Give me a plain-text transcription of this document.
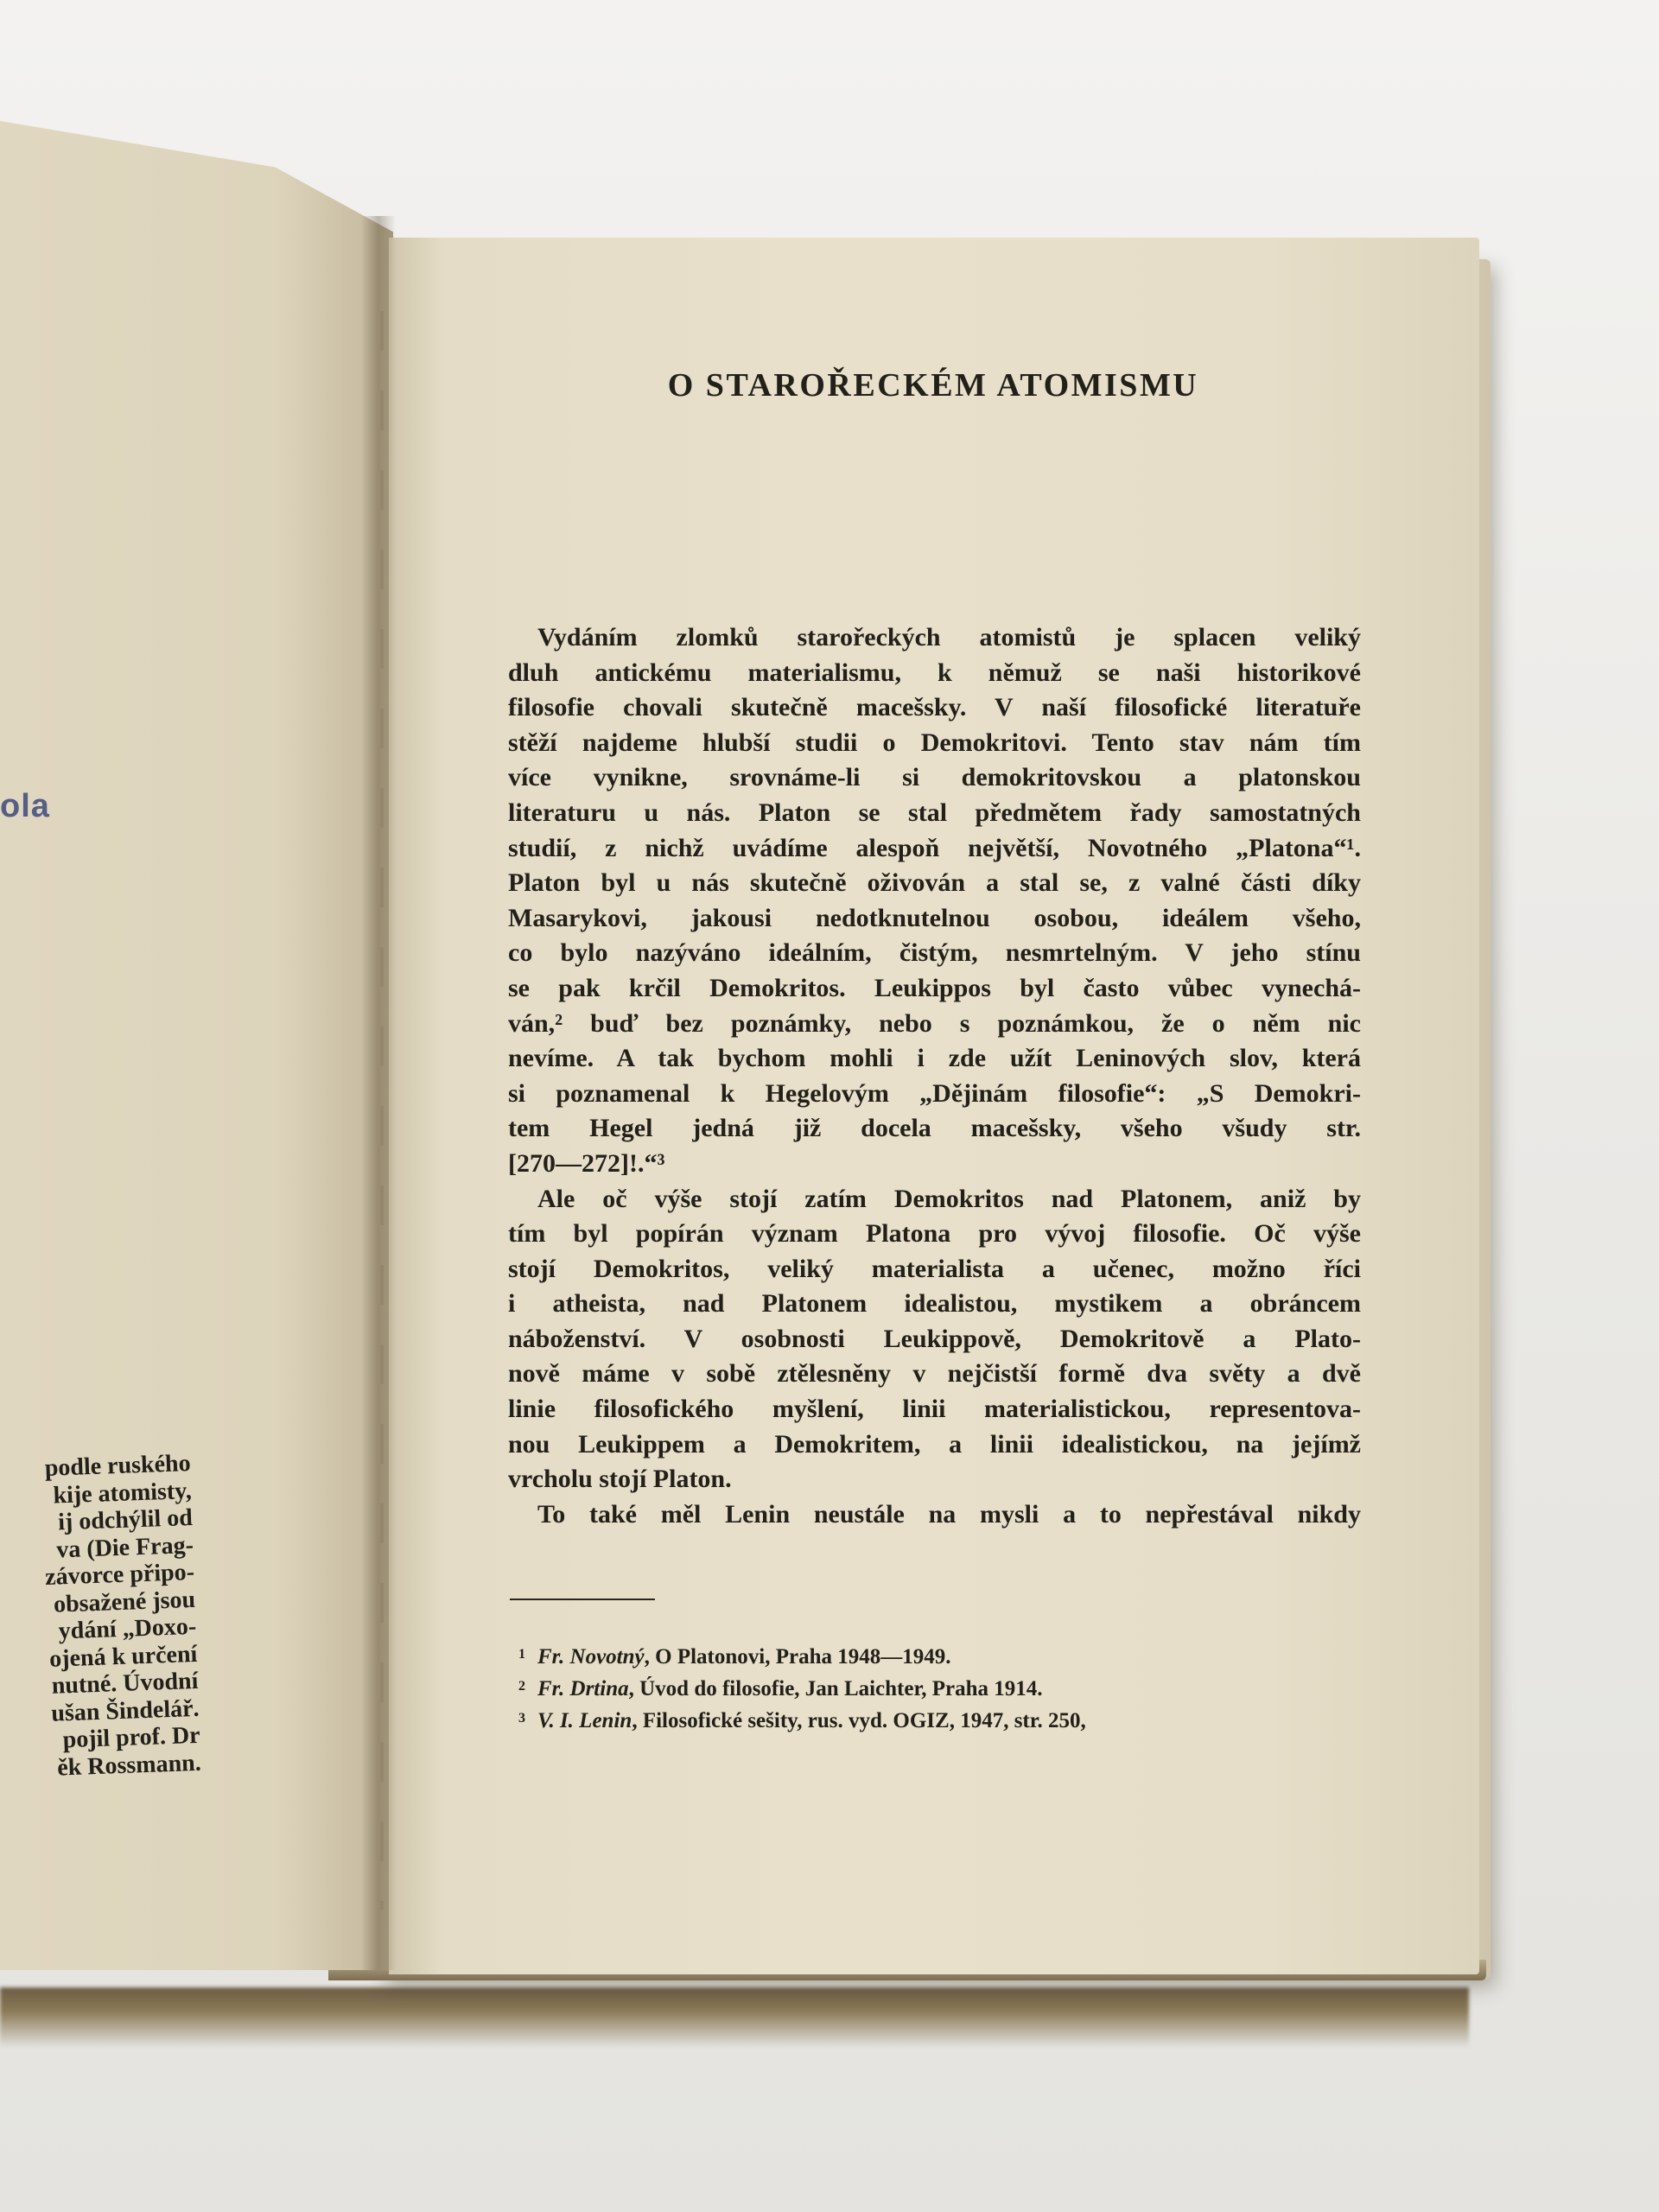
ola
podle ruského
kije atomisty,
ij odchýlil od
va (Die Frag-
závorce připo-
obsažené jsou
ydání „Doxo-
ojená k určení
nutné. Úvodní
ušan Šindelář.
pojil prof. Dr
ěk Rossmann.
O STAROŘECKÉM ATOMISMU
Vydáním zlomků starořeckých atomistů je splacen veliký
dluh antickému materialismu, k němuž se naši historikové
filosofie chovali skutečně macešsky. V naší filosofické literatuře
stěží najdeme hlubší studii o Demokritovi. Tento stav nám tím
více vynikne, srovnáme-li si demokritovskou a platonskou
literaturu u nás. Platon se stal předmětem řady samostatných
studií, z nichž uvádíme alespoň největší, Novotného „Platona“¹.
Platon byl u nás skutečně oživován a stal se, z valné části díky
Masarykovi, jakousi nedotknutelnou osobou, ideálem všeho,
co bylo nazýváno ideálním, čistým, nesmrtelným. V jeho stínu
se pak krčil Demokritos. Leukippos byl často vůbec vynechá-
ván,² buď bez poznámky, nebo s poznámkou, že o něm nic
nevíme. A tak bychom mohli i zde užít Leninových slov, která
si poznamenal k Hegelovým „Dějinám filosofie“: „S Demokri-
tem Hegel jedná již docela macešsky, všeho všudy str.
[270—272]!.“³
Ale oč výše stojí zatím Demokritos nad Platonem, aniž by
tím byl popírán význam Platona pro vývoj filosofie. Oč výše
stojí Demokritos, veliký materialista a učenec, možno říci
i atheista, nad Platonem idealistou, mystikem a obráncem
náboženství. V osobnosti Leukippově, Demokritově a Plato-
nově máme v sobě ztělesněny v nejčistší formě dva světy a dvě
linie filosofického myšlení, linii materialistickou, representova-
nou Leukippem a Demokritem, a linii idealistickou, na jejímž
vrcholu stojí Platon.
To také měl Lenin neustále na mysli a to nepřestával nikdy
$^1$ Fr. Novotný, O Platonovi, Praha 1948—1949.
$^2$ Fr. Drtina, Úvod do filosofie, Jan Laichter, Praha 1914.
$^3$ V. I. Lenin, Filosofické sešity, rus. vyd. OGIZ, 1947, str. 250,
